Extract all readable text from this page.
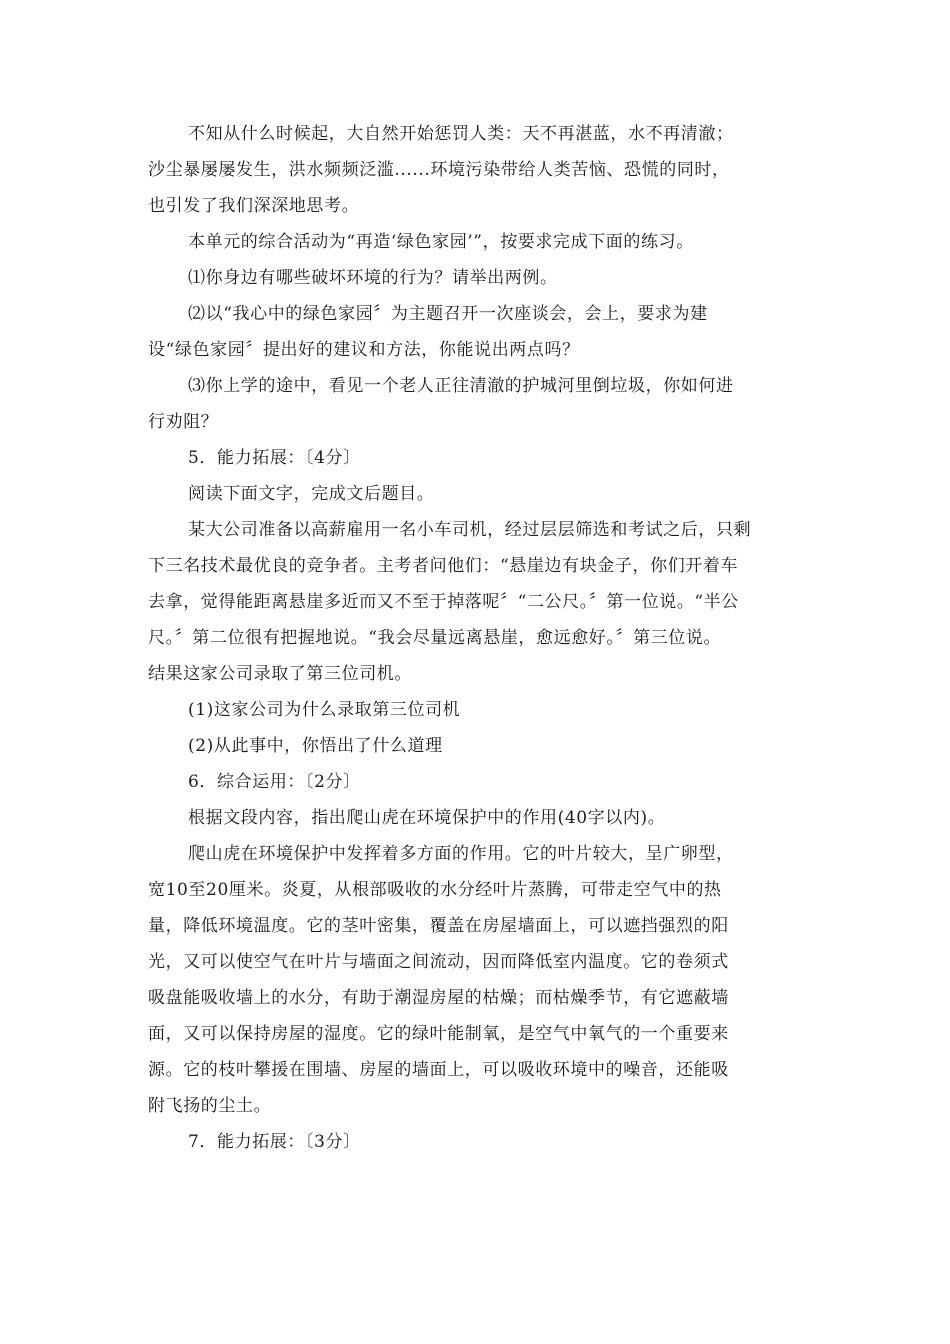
不知从什么时候起，大自然开始惩罚人类：天不再湛蓝，水不再清澈；
沙尘暴屡屡发生，洪水频频泛滥......环境污染带给人类苦恼、恐慌的同时，
也引发了我们深深地思考。

本单元的综合活动为“再造‘绿色家园’”，按要求完成下面的练习。

⑴你身边有哪些破坏环境的行为？请举出两例。

⑵以“我心中的绿色家园〞为主题召开一次座谈会，会上，要求为建
设“绿色家园〞提出好的建议和方法，你能说出两点吗？

⑶你上学的途中，看见一个老人正往清澈的护城河里倒垃圾，你如何进
行劝阻？

5．能力拓展：〔4分〕

阅读下面文字，完成文后题目。

某大公司准备以高薪雇用一名小车司机，经过层层筛选和考试之后，只剩
下三名技术最优良的竞争者。主考者问他们：“悬崖边有块金子，你们开着车
去拿，觉得能距离悬崖多近而又不至于掉落呢〞“二公尺。〞第一位说。“半公
尺。〞第二位很有把握地说。“我会尽量远离悬崖，愈远愈好。〞第三位说。
结果这家公司录取了第三位司机。

(1)这家公司为什么录取第三位司机

(2)从此事中，你悟出了什么道理

6．综合运用：〔2分〕

根据文段内容，指出爬山虎在环境保护中的作用(40字以内)。

爬山虎在环境保护中发挥着多方面的作用。它的叶片较大，呈广卵型，
宽10至20厘米。炎夏，从根部吸收的水分经叶片蒸腾，可带走空气中的热
量，降低环境温度。它的茎叶密集，覆盖在房屋墙面上，可以遮挡强烈的阳
光，又可以使空气在叶片与墙面之间流动，因而降低室内温度。它的卷须式
吸盘能吸收墙上的水分，有助于潮湿房屋的枯燥；而枯燥季节，有它遮蔽墙
面，又可以保持房屋的湿度。它的绿叶能制氧，是空气中氧气的一个重要来
源。它的枝叶攀援在围墙、房屋的墙面上，可以吸收环境中的噪音，还能吸
附飞扬的尘土。

7．能力拓展：〔3分〕
